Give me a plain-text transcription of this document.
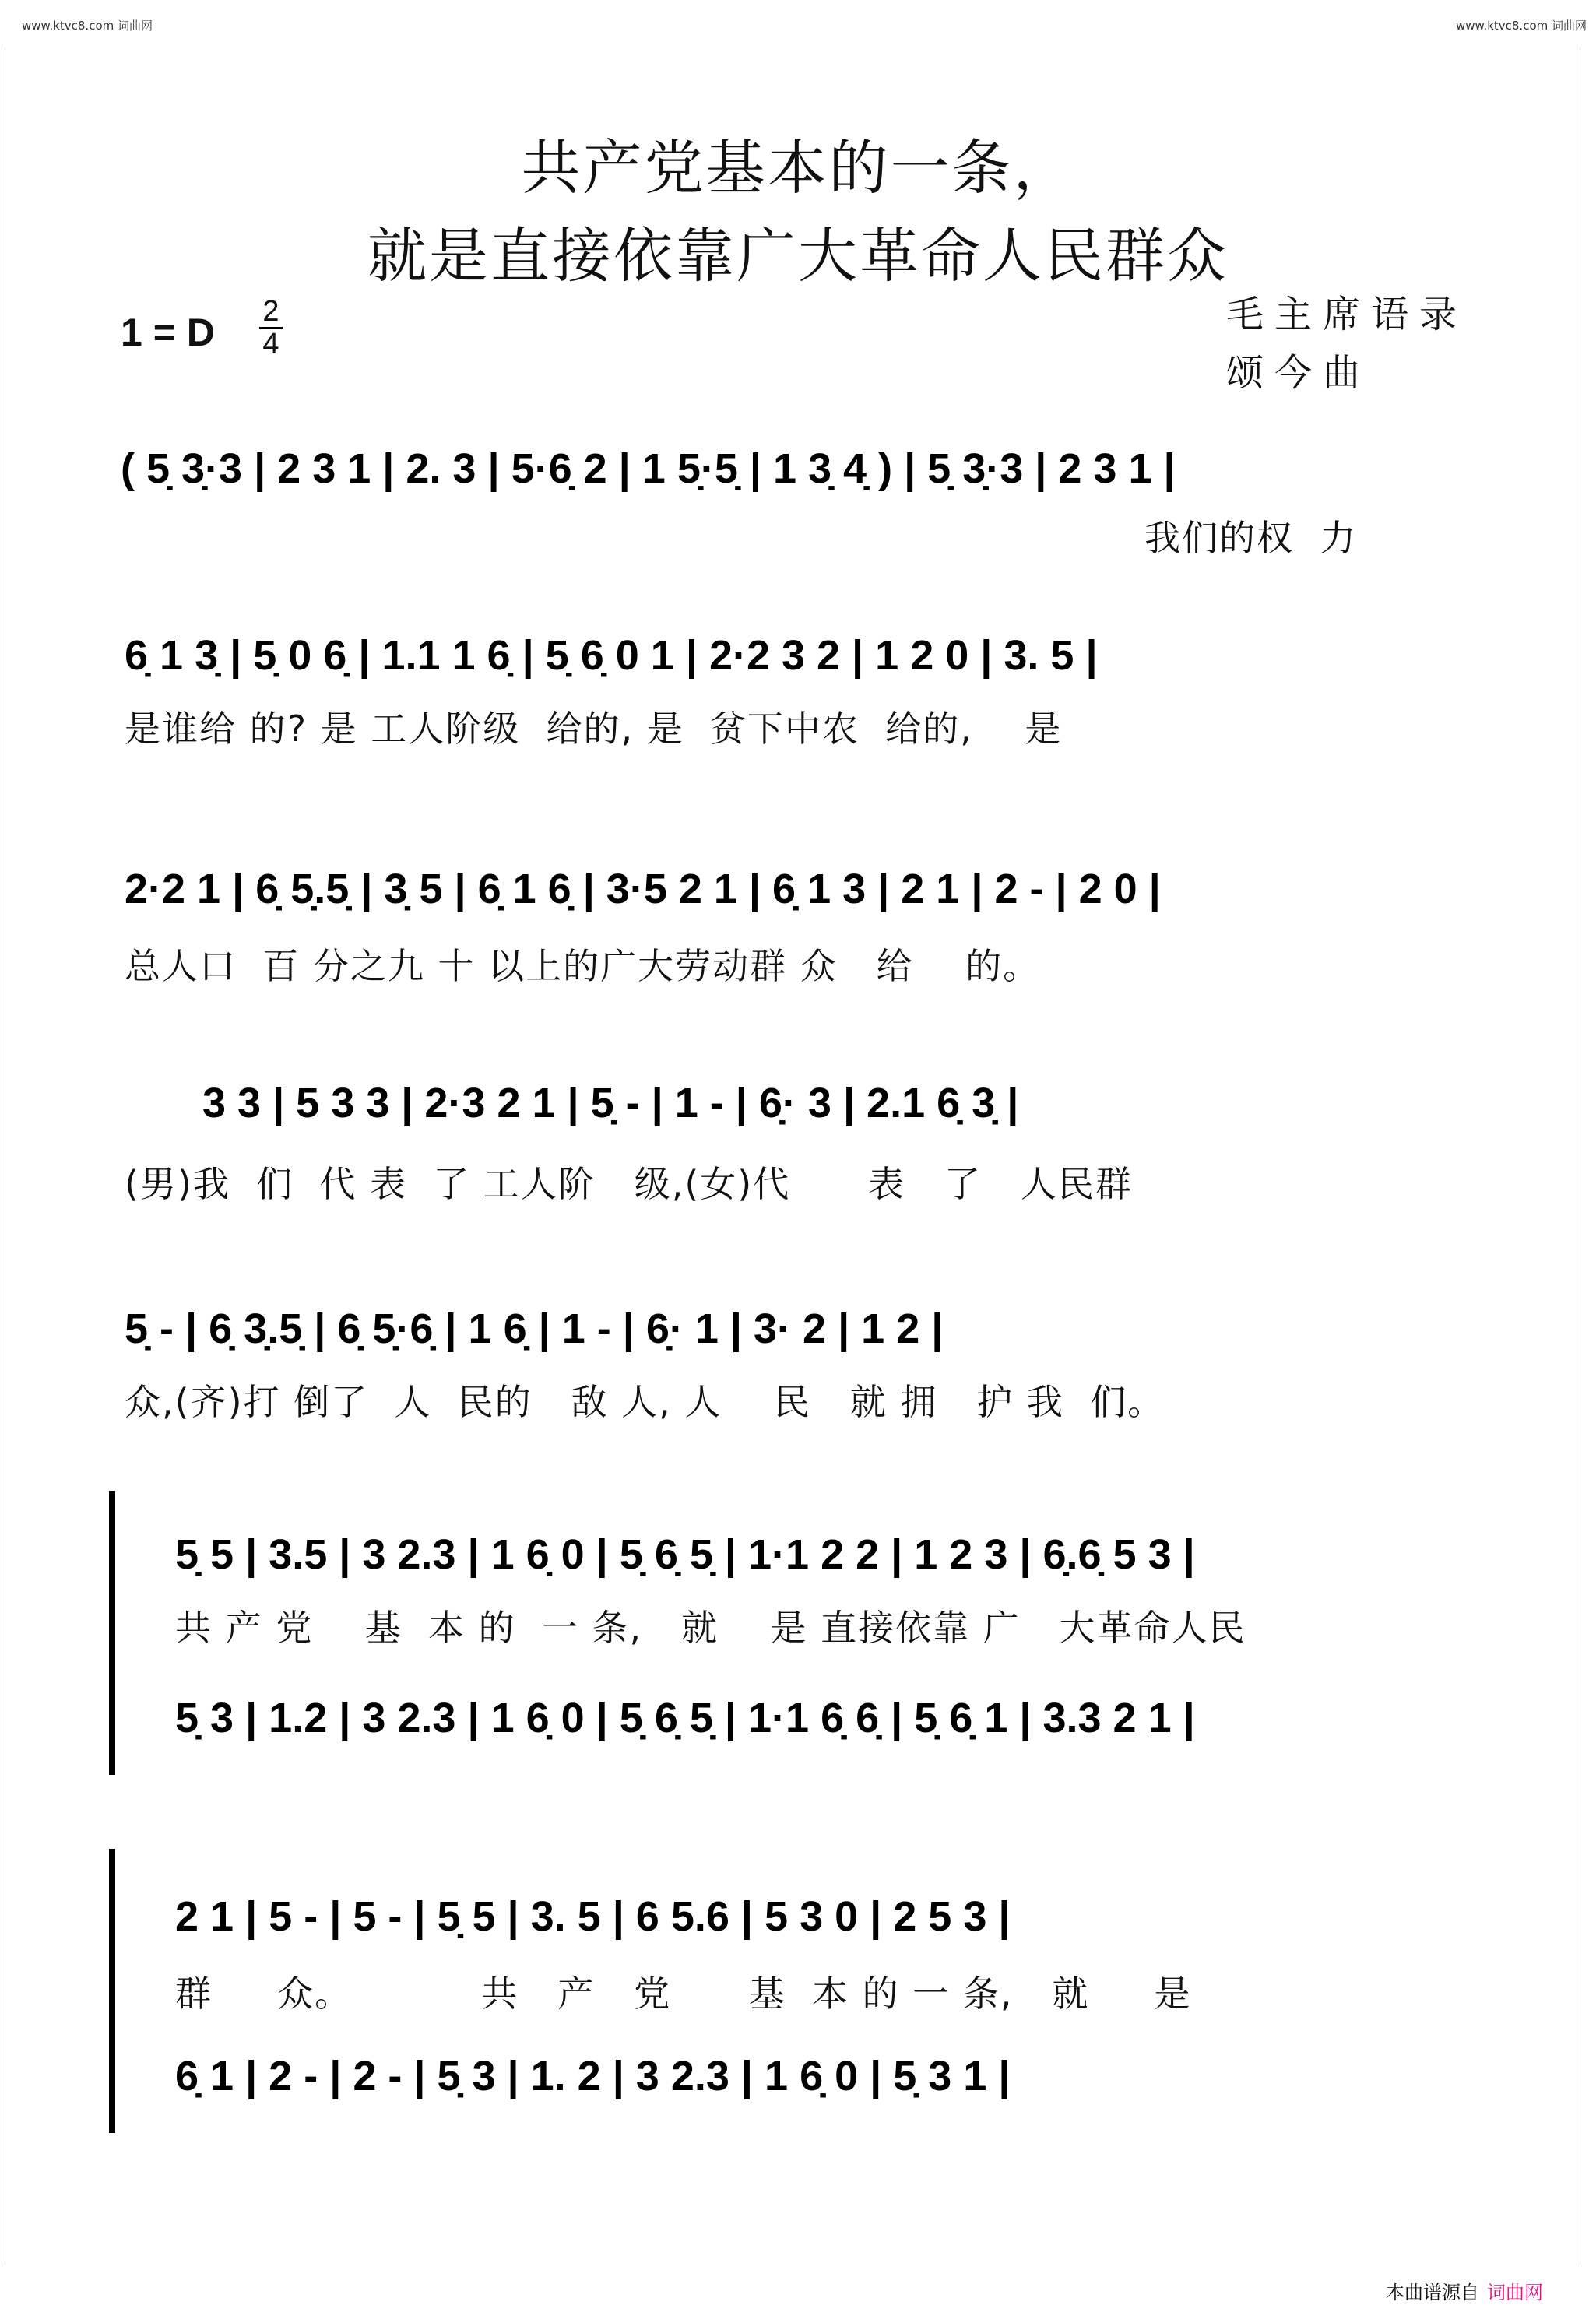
www.ktvc8.com 词曲网	www.ktvc8.com 词曲网
共产党基本的一条，
就是直接依靠广大革命人民群众
1 = D 2
4
毛主席语录
颂今曲
( 5̣ 3̣·3 | 2 3 1 | 2. 3 | 5·6̣ 2 | 1 5̣·5̣ | 1 3̣ 4̣ ) | 5̣ 3̣·3 | 2 3 1 |
我们的权  力
6̣ 1 3̣ | 5̣ 0 6̣ | 1.1 1 6̣ | 5̣ 6̣ 0 1 | 2·2 3 2 | 1 2 0 | 3. 5 |
是谁给 的? 是 工人阶级  给的, 是  贫下中农  给的,    是
2·2 1 | 6̣ 5̣.5̣ | 3̣ 5 | 6̣ 1 6̣ | 3·5 2 1 | 6̣ 1 3 | 2 1 | 2 - | 2 0 |
总人口  百 分之九 十 以上的广大劳动群 众   给    的。
3 3 | 5 3 3 | 2·3 2 1 | 5̣ - | 1 - | 6̣· 3 | 2.1 6̣ 3̣ |
(男)我  们  代 表  了 工人阶   级,(女)代      表   了   人民群
5̣ - | 6̣ 3̣.5̣ | 6̣ 5̣·6̣ | 1 6̣ | 1 - | 6̣· 1 | 3· 2 | 1 2 |
众,(齐)打 倒了  人  民的   敌 人, 人    民   就 拥   护 我  们。
5̣ 5 | 3.5 | 3 2.3 | 1 6̣ 0 | 5̣ 6̣ 5̣ | 1·1 2 2 | 1 2 3 | 6̣.6̣ 5 3 |
共 产 党    基  本 的  一 条,   就    是 直接依靠 广   大革命人民
5̣ 3 | 1.2 | 3 2.3 | 1 6̣ 0 | 5̣ 6̣ 5̣ | 1·1 6̣ 6̣ | 5̣ 6̣ 1 | 3.3 2 1 |
2 1 | 5 - | 5 - | 5̣ 5 | 3. 5 | 6 5.6 | 5 3 0 | 2 5 3 |
群     众。          共   产   党      基  本 的 一 条,   就     是
6̣ 1 | 2 - | 2 - | 5̣ 3 | 1. 2 | 3 2.3 | 1 6̣ 0 | 5̣ 3 1 |
本曲谱源自 词曲网
